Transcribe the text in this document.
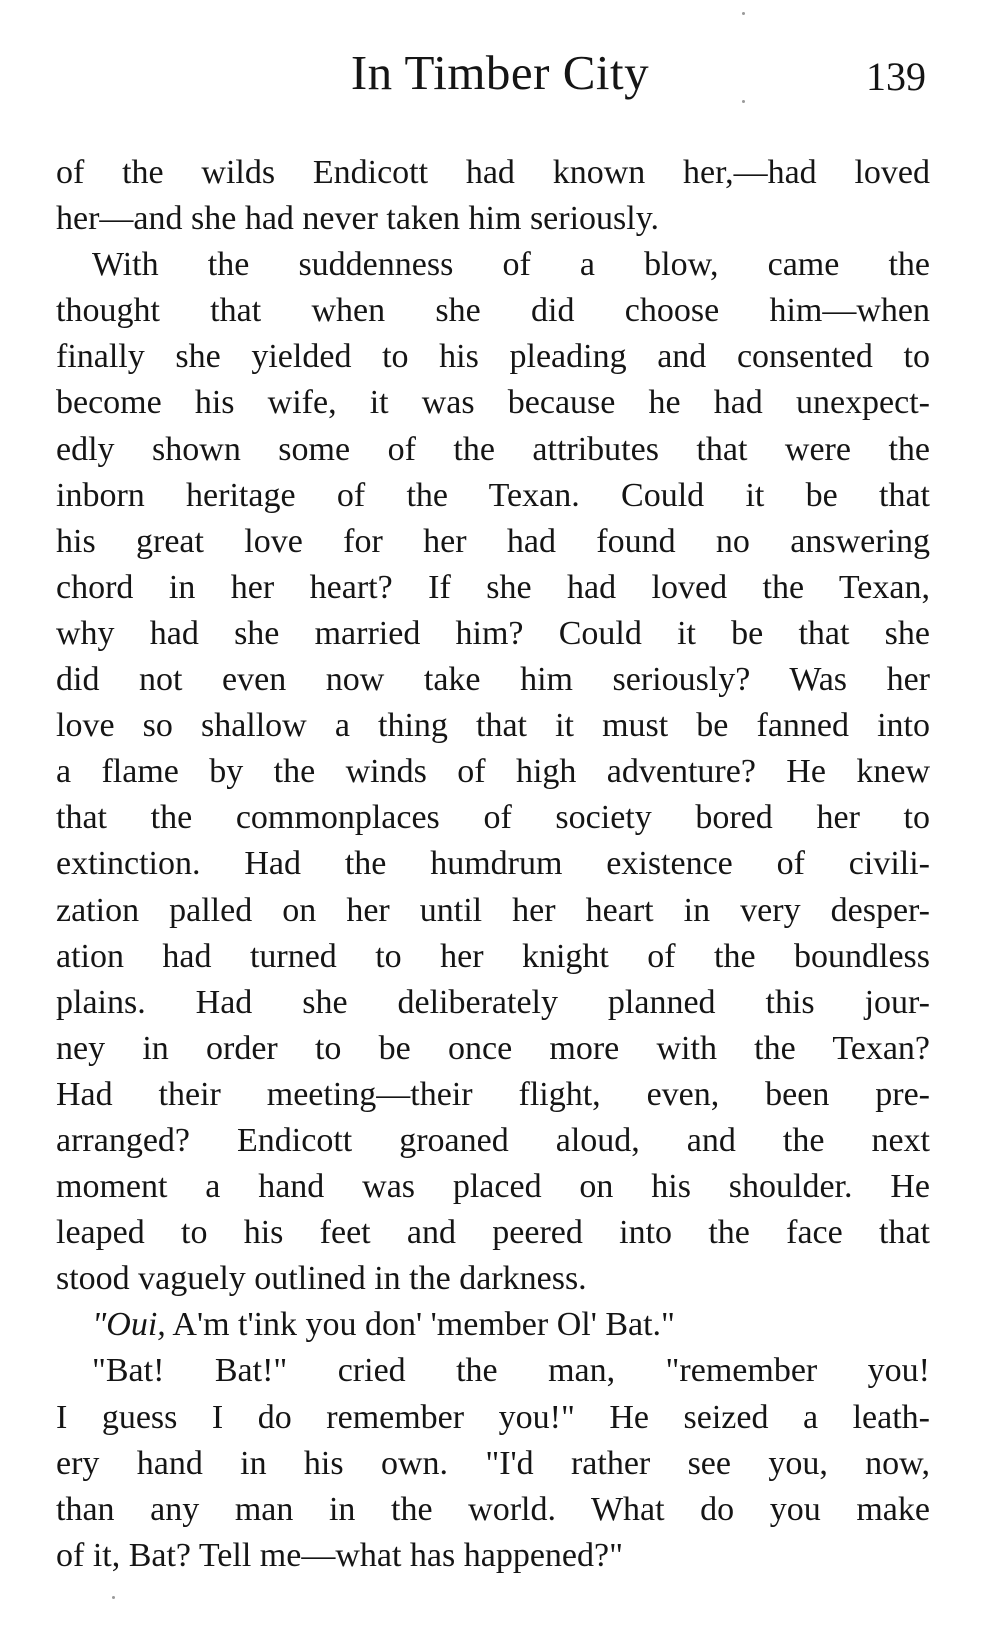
In Timber City	139

of the wilds Endicott had known her,—had loved
her—and she had never taken him seriously.

With the suddenness of a blow, came the
thought that when she did choose him—when
finally she yielded to his pleading and consented to
become his wife, it was because he had unexpect-
edly shown some of the attributes that were the
inborn heritage of the Texan. Could it be that
his great love for her had found no answering
chord in her heart? If she had loved the Texan,
why had she married him? Could it be that she
did not even now take him seriously? Was her
love so shallow a thing that it must be fanned into
a flame by the winds of high adventure? He knew
that the commonplaces of society bored her to
extinction. Had the humdrum existence of civili-
zation palled on her until her heart in very desper-
ation had turned to her knight of the boundless
plains. Had she deliberately planned this jour-
ney in order to be once more with the Texan?
Had their meeting—their flight, even, been pre-
arranged? Endicott groaned aloud, and the next
moment a hand was placed on his shoulder. He
leaped to his feet and peered into the face that
stood vaguely outlined in the darkness.

"Oui, A'm t'ink you don' 'member Ol' Bat."

"Bat! Bat!" cried the man, "remember you!
I guess I do remember you!" He seized a leath-
ery hand in his own. "I'd rather see you, now,
than any man in the world. What do you make
of it, Bat? Tell me—what has happened?"
